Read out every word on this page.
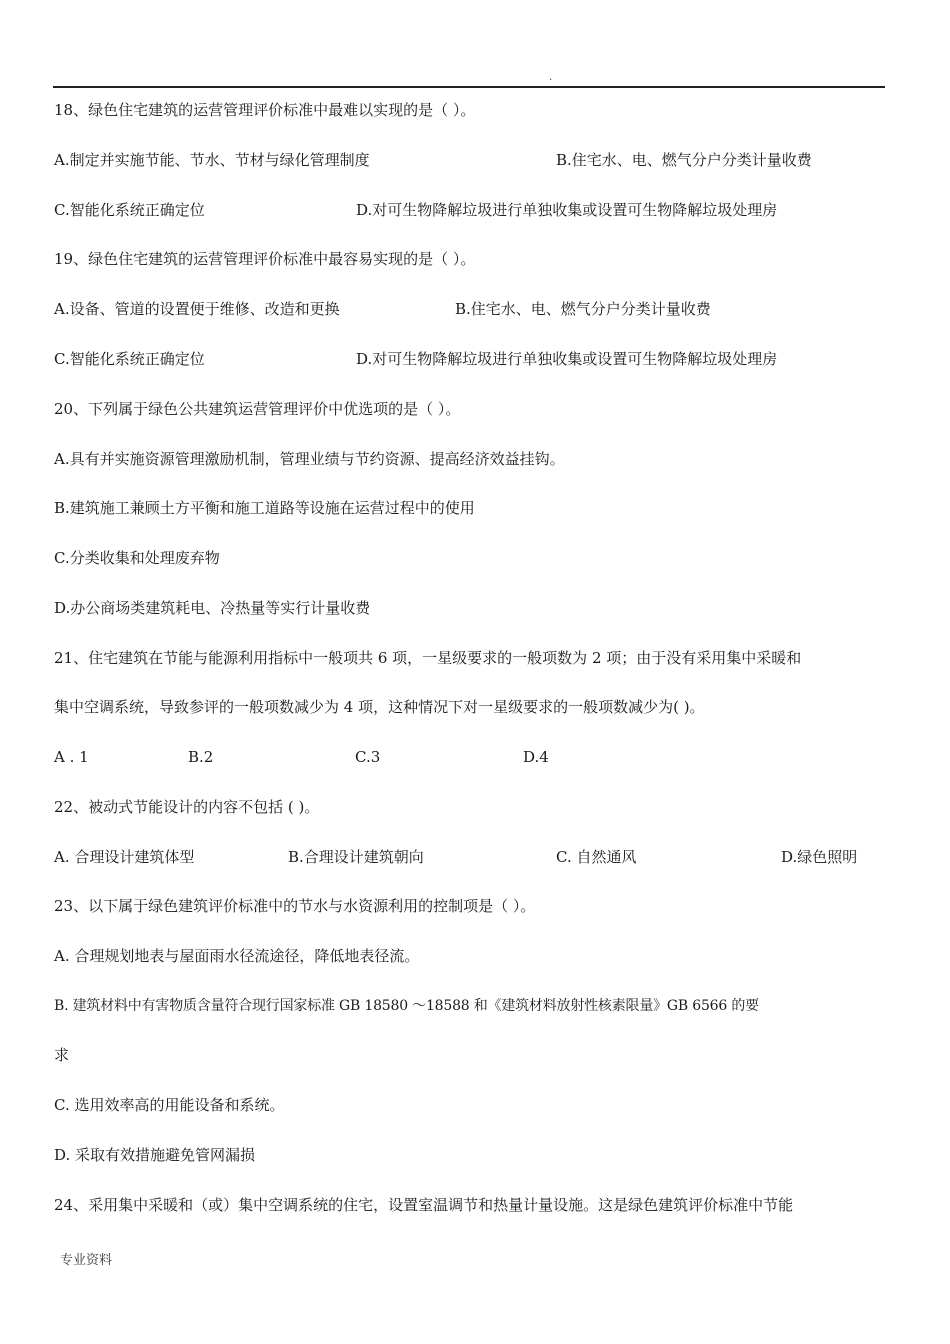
.
18、绿色住宅建筑的运营管理评价标准中最难以实现的是（ ）。
A.制定并实施节能、节水、节材与绿化管理制度	B.住宅水、电、燃气分户分类计量收费
C.智能化系统正确定位	D.对可生物降解垃圾进行单独收集或设置可生物降解垃圾处理房
19、绿色住宅建筑的运营管理评价标准中最容易实现的是（ ）。
A.设备、管道的设置便于维修、改造和更换	B.住宅水、电、燃气分户分类计量收费
C.智能化系统正确定位	D.对可生物降解垃圾进行单独收集或设置可生物降解垃圾处理房
20、下列属于绿色公共建筑运营管理评价中优选项的是（ ）。
A.具有并实施资源管理激励机制，管理业绩与节约资源、提高经济效益挂钩。
B.建筑施工兼顾土方平衡和施工道路等设施在运营过程中的使用
C.分类收集和处理废弃物
D.办公商场类建筑耗电、冷热量等实行计量收费
21、住宅建筑在节能与能源利用指标中一般项共 6 项，一星级要求的一般项数为 2 项；由于没有采用集中采暖和
集中空调系统，导致参评的一般项数减少为 4 项，这种情况下对一星级要求的一般项数减少为( )。
A . 1	B.2	C.3	D.4
22、被动式节能设计的内容不包括 ( )。
A. 合理设计建筑体型	B.合理设计建筑朝向	C. 自然通风	D.绿色照明
23、以下属于绿色建筑评价标准中的节水与水资源利用的控制项是（ ）。
A. 合理规划地表与屋面雨水径流途径，降低地表径流。
B. 建筑材料中有害物质含量符合现行国家标准 GB 18580 ～18588 和《建筑材料放射性核素限量》GB 6566 的要
求
C. 选用效率高的用能设备和系统。
D. 采取有效措施避免管网漏损
24、采用集中采暖和（或）集中空调系统的住宅，设置室温调节和热量计量设施。这是绿色建筑评价标准中节能
专业资料
